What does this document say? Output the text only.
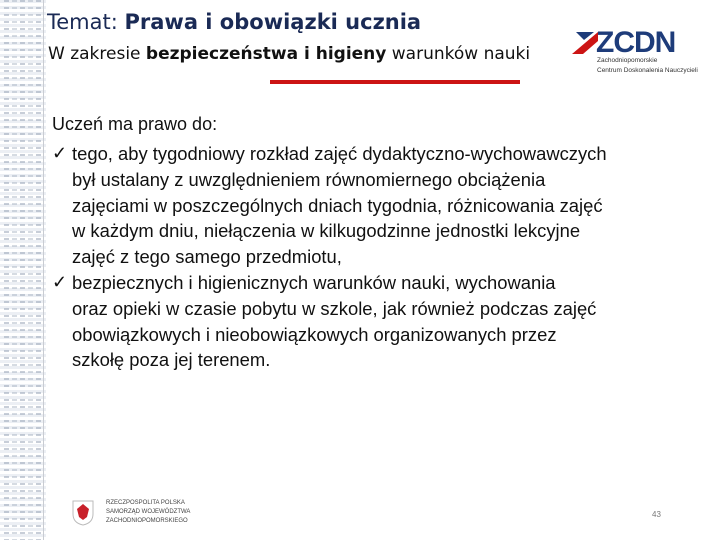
Temat: Prawa i obowiązki ucznia
W zakresie bezpieczeństwa i higieny warunków nauki ZCDN
Zachodniopomorskie
Centrum Doskonalenia Nauczycieli
Uczeń ma prawo do:
✓ tego, aby tygodniowy rozkład zajęć dydaktyczno-wychowawczych
był ustalany z uwzględnieniem równomiernego obciążenia
zajęciami w poszczególnych dniach tygodnia, różnicowania zajęć
w każdym dniu, niełączenia w kilkugodzinne jednostki lekcyjne
zajęć z tego samego przedmiotu,
✓ bezpiecznych i higienicznych warunków nauki, wychowania
oraz opieki w czasie pobytu w szkole, jak również podczas zajęć
obowiązkowych i nieobowiązkowych organizowanych przez
szkołę poza jej terenem.
RZECZPOSPOLITA POLSKA
SAMORZĄD WOJEWÓDZTWA
ZACHODNIOPOMORSKIEGO
43
